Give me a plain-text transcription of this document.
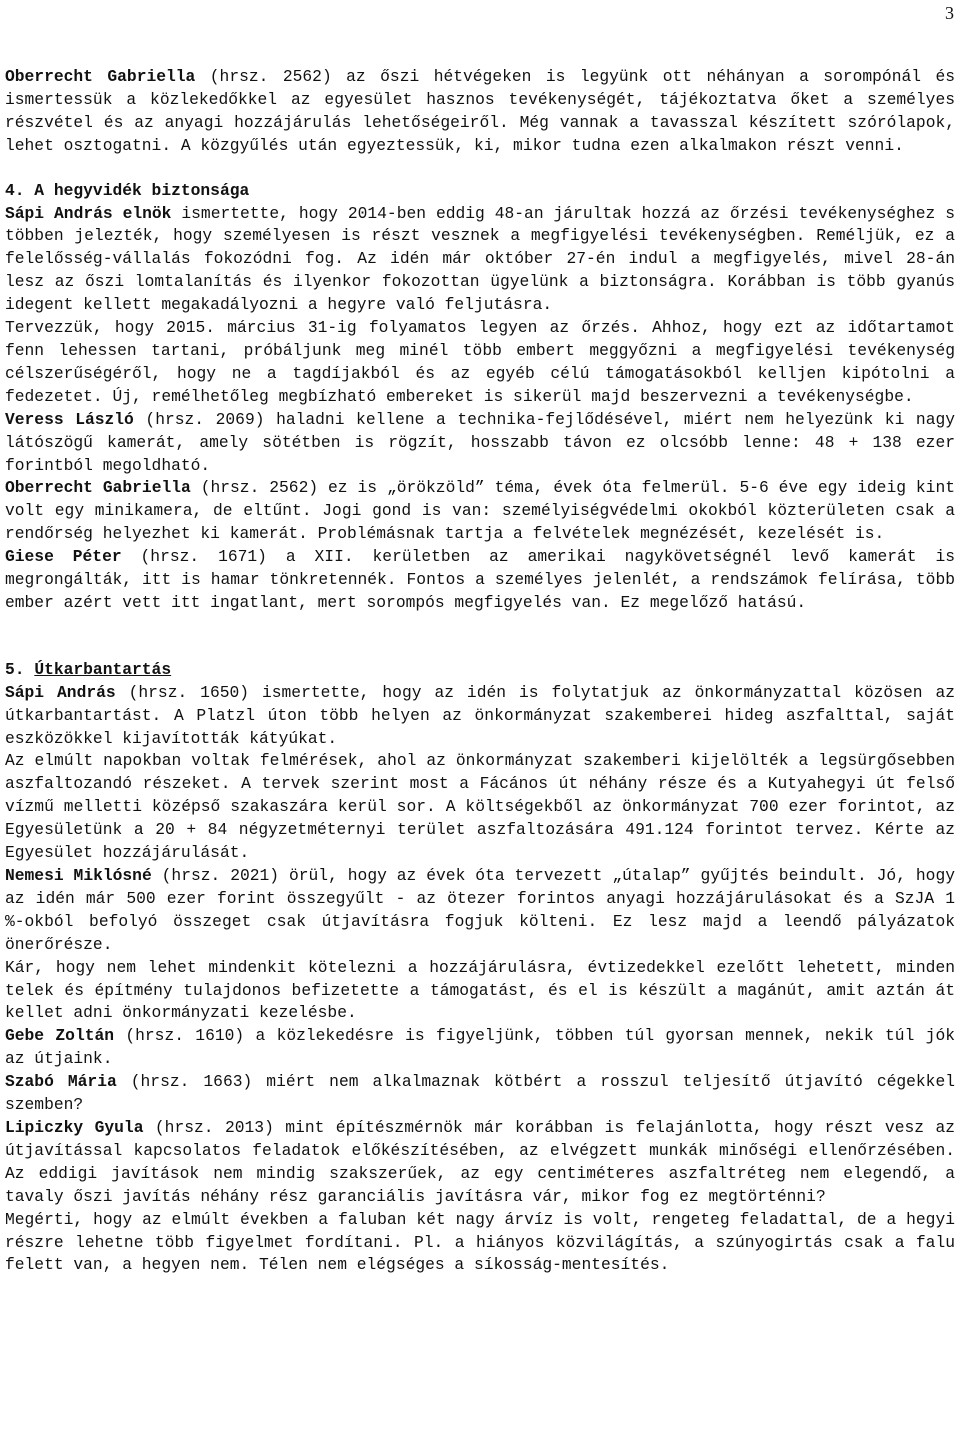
3

Oberrecht Gabriella (hrsz. 2562) az őszi hétvégeken is legyünk ott néhányan a sorompónál és ismertessük a közlekedőkkel az egyesület hasznos tevékenységét, tájékoztatva őket a személyes részvétel és az anyagi hozzájárulás lehetőségeiről. Még vannak a tavasszal készített szórólapok, lehet osztogatni. A közgyűlés után egyeztessük, ki, mikor tudna ezen alkalmakon részt venni.

4. A hegyvidék biztonsága

Sápi András elnök ismertette, hogy 2014-ben eddig 48-an járultak hozzá az őrzési tevékenységhez s többen jelezték, hogy személyesen is részt vesznek a megfigyelési tevékenységben. Reméljük, ez a felelősség-vállalás fokozódni fog. Az idén már október 27-én indul a megfigyelés, mivel 28-án lesz az őszi lomtalanítás és ilyenkor fokozottan ügyelünk a biztonságra. Korábban is több gyanús idegent kellett megakadályozni a hegyre való feljutásra.

Tervezzük, hogy 2015. március 31-ig folyamatos legyen az őrzés. Ahhoz, hogy ezt az időtartamot fenn lehessen tartani, próbáljunk meg minél több embert meggyőzni a megfigyelési tevékenység célszerűségéről, hogy ne a tagdíjakból és az egyéb célú támogatásokból kelljen kipótolni a fedezetet. Új, remélhetőleg megbízható embereket is sikerül majd beszervezni a tevékenységbe.

Veress László (hrsz. 2069) haladni kellene a technika-fejlődésével, miért nem helyezünk ki nagy látószögű kamerát, amely sötétben is rögzít, hosszabb távon ez olcsóbb lenne: 48 + 138 ezer forintból megoldható.

Oberrecht Gabriella (hrsz. 2562) ez is „örökzöld” téma, évek óta felmerül. 5-6 éve egy ideig kint volt egy minikamera, de eltűnt. Jogi gond is van: személyiségvédelmi okokból közterületen csak a rendőrség helyezhet ki kamerát. Problémásnak tartja a felvételek megnézését, kezelését is.

Giese Péter (hrsz. 1671) a XII. kerületben az amerikai nagykövetségnél levő kamerát is megrongálták, itt is hamar tönkretennék. Fontos a személyes jelenlét, a rendszámok felírása, több ember azért vett itt ingatlant, mert sorompós megfigyelés van. Ez megelőző hatású.

5. Útkarbantartás

Sápi András (hrsz. 1650) ismertette, hogy az idén is folytatjuk az önkormányzattal közösen az útkarbantartást. A Platzl úton több helyen az önkormányzat szakemberei hideg aszfalttal, saját eszközökkel kijavították kátyúkat.

Az elmúlt napokban voltak felmérések, ahol az önkormányzat szakemberi kijelölték a legsürgősebben aszfaltozandó részeket. A tervek szerint most a Fácános út néhány része és a Kutyahegyi út felső vízmű melletti középső szakaszára kerül sor. A költségekből az önkormányzat 700 ezer forintot, az Egyesületünk a 20 + 84 négyzetméternyi terület aszfaltozására 491.124 forintot tervez. Kérte az Egyesület hozzájárulását.

Nemesi Miklósné (hrsz. 2021) örül, hogy az évek óta tervezett „útalap” gyűjtés beindult. Jó, hogy az idén már 500 ezer forint összegyűlt - az ötezer forintos anyagi hozzájárulásokat és a SzJA 1 %-okból befolyó összeget csak útjavításra fogjuk költeni. Ez lesz majd a leendő pályázatok önerőrésze.

Kár, hogy nem lehet mindenkit kötelezni a hozzájárulásra, évtizedekkel ezelőtt lehetett, minden telek és építmény tulajdonos befizetette a támogatást, és el is készült a magánút, amit aztán át kellet adni önkormányzati kezelésbe.

Gebe Zoltán (hrsz. 1610) a közlekedésre is figyeljünk, többen túl gyorsan mennek, nekik túl jók az útjaink.

Szabó Mária (hrsz. 1663) miért nem alkalmaznak kötbért a rosszul teljesítő útjavító cégekkel szemben?

Lipiczky Gyula (hrsz. 2013) mint építészmérnök már korábban is felajánlotta, hogy részt vesz az útjavítással kapcsolatos feladatok előkészítésében, az elvégzett munkák minőségi ellenőrzésében. Az eddigi javítások nem mindig szakszerűek, az egy centiméteres aszfaltréteg nem elegendő, a tavaly őszi javítás néhány rész garanciális javításra vár, mikor fog ez megtörténni?

Megérti, hogy az elmúlt években a faluban két nagy árvíz is volt, rengeteg feladattal, de a hegyi részre lehetne több figyelmet fordítani. Pl. a hiányos közvilágítás, a szúnyogirtás csak a falu felett van, a hegyen nem. Télen nem elégséges a síkosság-mentesítés.
